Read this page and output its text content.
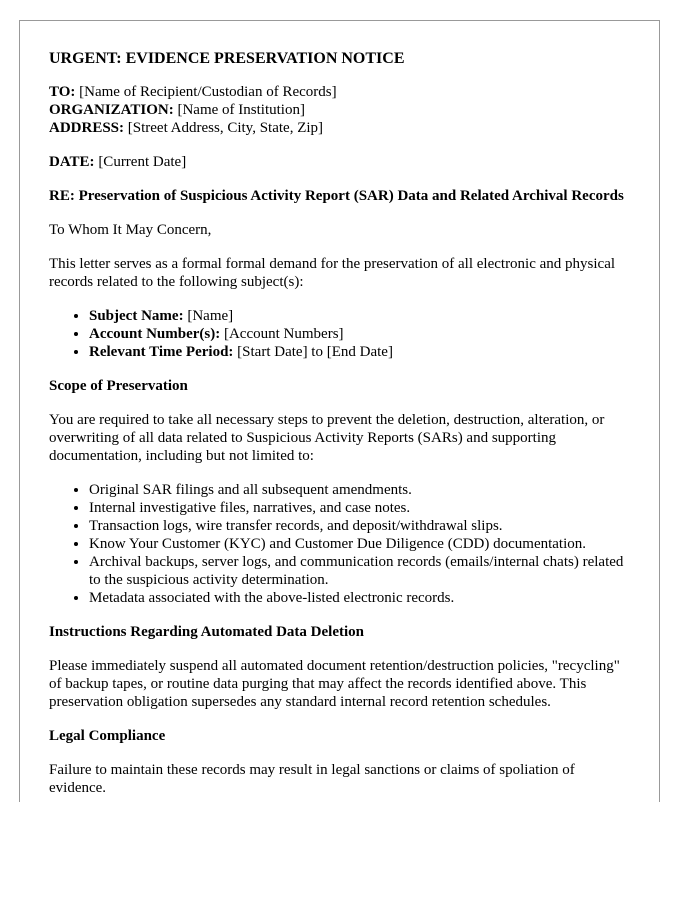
URGENT: EVIDENCE PRESERVATION NOTICE

TO: [Name of Recipient/Custodian of Records]
ORGANIZATION: [Name of Institution]
ADDRESS: [Street Address, City, State, Zip]

DATE: [Current Date]

RE: Preservation of Suspicious Activity Report (SAR) Data and Related Archival Records

To Whom It May Concern,

This letter serves as a formal formal demand for the preservation of all electronic and physical records related to the following subject(s):

• Subject Name: [Name]
• Account Number(s): [Account Numbers]
• Relevant Time Period: [Start Date] to [End Date]

Scope of Preservation

You are required to take all necessary steps to prevent the deletion, destruction, alteration, or overwriting of all data related to Suspicious Activity Reports (SARs) and supporting documentation, including but not limited to:

• Original SAR filings and all subsequent amendments.
• Internal investigative files, narratives, and case notes.
• Transaction logs, wire transfer records, and deposit/withdrawal slips.
• Know Your Customer (KYC) and Customer Due Diligence (CDD) documentation.
• Archival backups, server logs, and communication records (emails/internal chats) related to the suspicious activity determination.
• Metadata associated with the above-listed electronic records.

Instructions Regarding Automated Data Deletion

Please immediately suspend all automated document retention/destruction policies, "recycling" of backup tapes, or routine data purging that may affect the records identified above. This preservation obligation supersedes any standard internal record retention schedules.

Legal Compliance

Failure to maintain these records may result in legal sanctions or claims of spoliation of evidence.
